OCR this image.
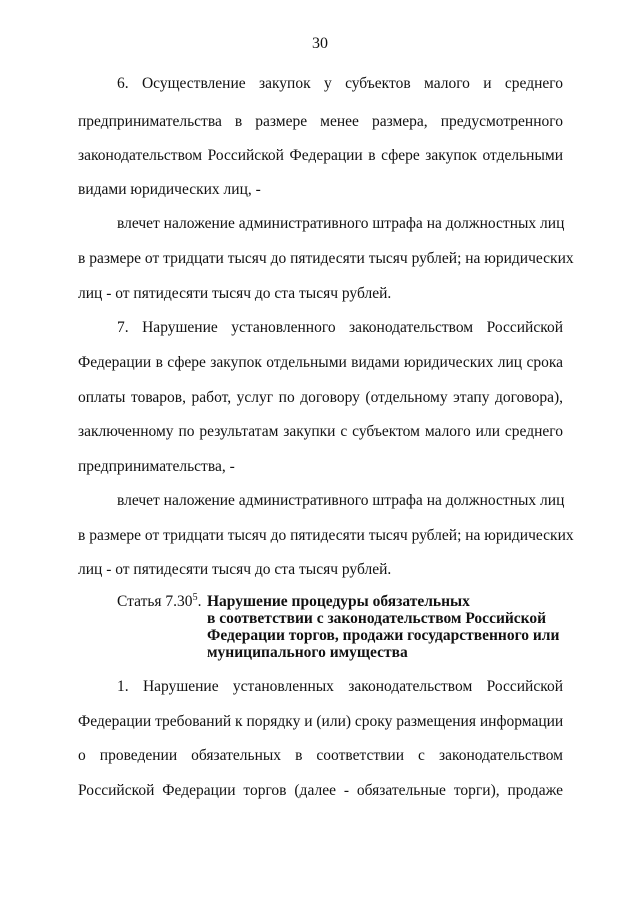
30
6. Осуществление закупок у субъектов малого и среднего
предпринимательства в размере менее размера, предусмотренного
законодательством Российской Федерации в сфере закупок отдельными
видами юридических лиц, -
влечет наложение административного штрафа на должностных лиц
в размере от тридцати тысяч до пятидесяти тысяч рублей; на юридических
лиц - от пятидесяти тысяч до ста тысяч рублей.
7. Нарушение установленного законодательством Российской
Федерации в сфере закупок отдельными видами юридических лиц срока
оплаты товаров, работ, услуг по договору (отдельному этапу договора),
заключенному по результатам закупки с субъектом малого или среднего
предпринимательства, -
влечет наложение административного штрафа на должностных лиц
в размере от тридцати тысяч до пятидесяти тысяч рублей; на юридических
лиц - от пятидесяти тысяч до ста тысяч рублей.
Статья 7.30$^5$. Нарушение процедуры обязательных
в соответствии с законодательством Российской
Федерации торгов, продажи государственного или
муниципального имущества
1. Нарушение установленных законодательством Российской
Федерации требований к порядку и (или) сроку размещения информации
о проведении обязательных в соответствии с законодательством
Российской Федерации торгов (далее - обязательные торги), продаже
